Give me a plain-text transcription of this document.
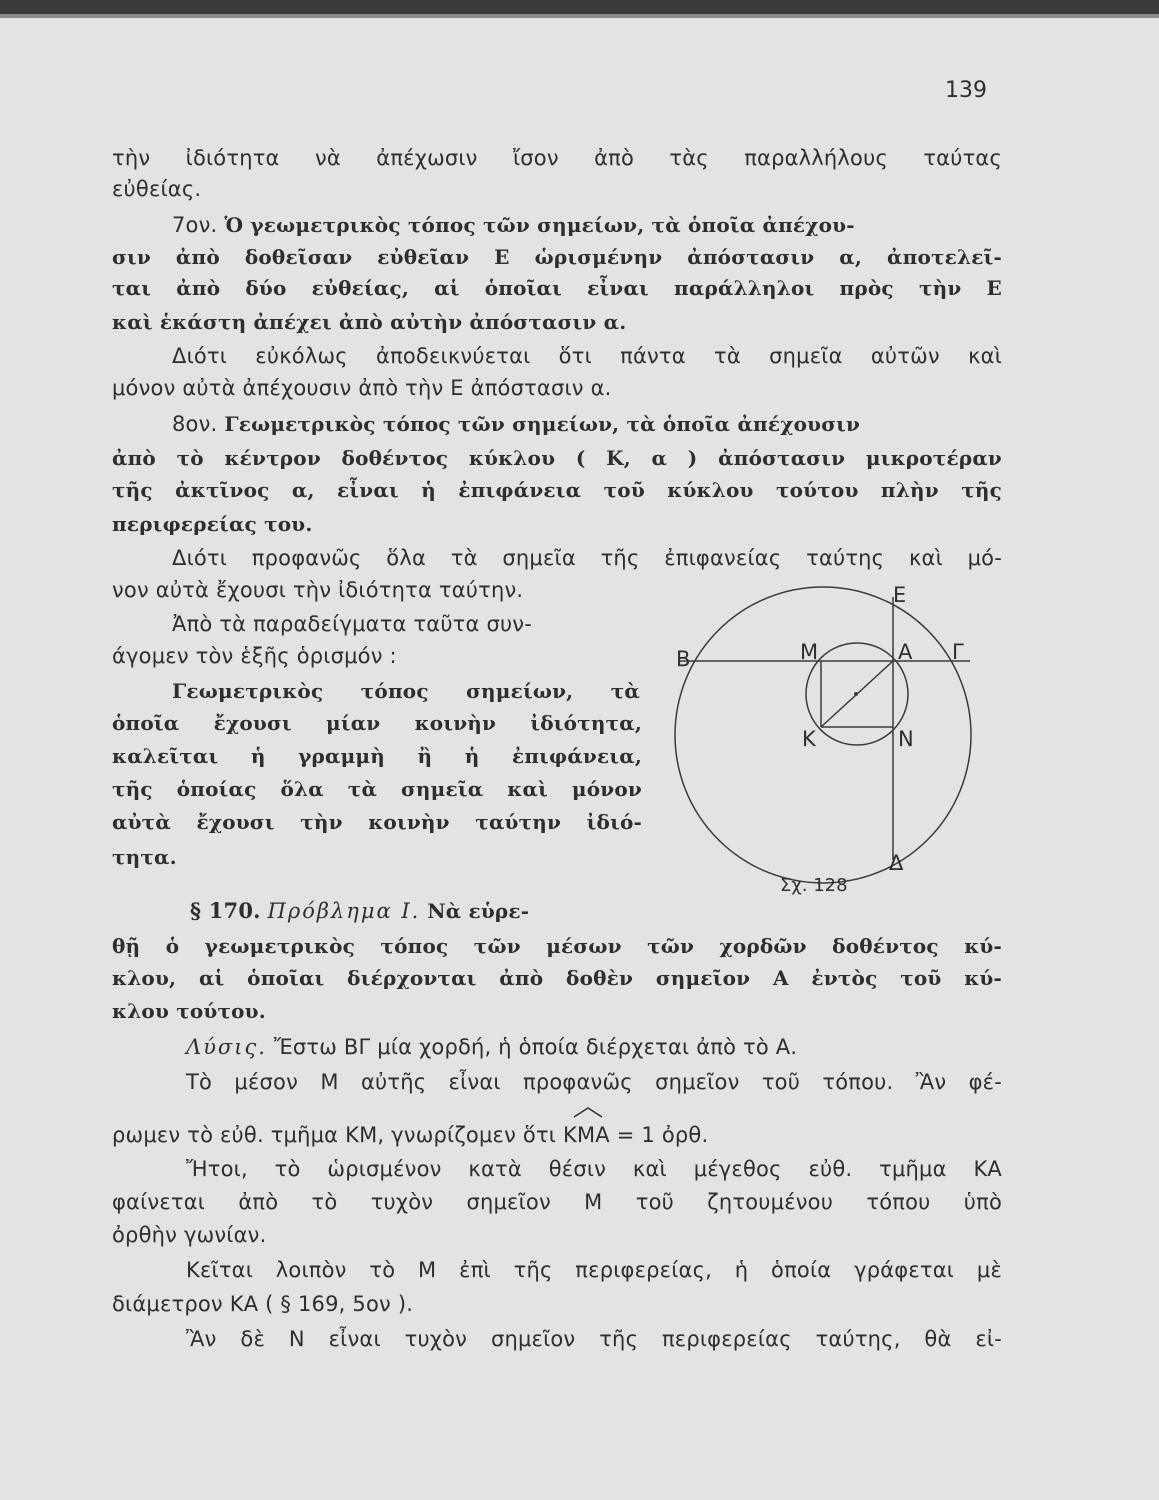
139
τὴν ἰδιότητα νὰ ἀπέχωσιν ἴσον ἀπὸ τὰς παραλλήλους ταύτας
εὐθείας.
7ον. Ὁ γεωμετρικὸς τόπος τῶν σημείων, τὰ ὁποῖα ἀπέχου-
σιν ἀπὸ δοθεῖσαν εὐθεῖαν Ε ὡρισμένην ἀπόστασιν α, ἀποτελεῖ-
ται ἀπὸ δύο εὐθείας, αἱ ὁποῖαι εἶναι παράλληλοι πρὸς τὴν Ε
καὶ ἑκάστη ἀπέχει ἀπὸ αὐτὴν ἀπόστασιν α.
Διότι εὐκόλως ἀποδεικνύεται ὅτι πάντα τὰ σημεῖα αὐτῶν καὶ
μόνον αὐτὰ ἀπέχουσιν ἀπὸ τὴν Ε ἀπόστασιν α.
8ον. Γεωμετρικὸς τόπος τῶν σημείων, τὰ ὁποῖα ἀπέχουσιν
ἀπὸ τὸ κέντρον δοθέντος κύκλου ( Κ, α ) ἀπόστασιν μικροτέραν
τῆς ἀκτῖνος α, εἶναι ἡ ἐπιφάνεια τοῦ κύκλου τούτου πλὴν τῆς
περιφερείας του.
Διότι προφανῶς ὅλα τὰ σημεῖα τῆς ἐπιφανείας ταύτης καὶ μό-
νον αὐτὰ ἔχουσι τὴν ἰδιότητα ταύτην.
Ἀπὸ τὰ παραδείγματα ταῦτα συν-
άγομεν τὸν ἑξῆς ὁρισμόν :
Γεωμετρικὸς τόπος σημείων, τὰ
ὁποῖα ἔχουσι μίαν κοινὴν ἰδιότητα,
καλεῖται ἡ γραμμὴ ἢ ἡ ἐπιφάνεια,
τῆς ὁποίας ὅλα τὰ σημεῖα καὶ μόνον
αὐτὰ ἔχουσι τὴν κοινὴν ταύτην ἰδιό-
τητα.
§ 170. Πρόβλημα Ι. Νὰ εὑρε-
θῇ ὁ γεωμετρικὸς τόπος τῶν μέσων τῶν χορδῶν δοθέντος κύ-
κλου, αἱ ὁποῖαι διέρχονται ἀπὸ δοθὲν σημεῖον Α ἐντὸς τοῦ κύ-
κλου τούτου.
Λύσις. Ἔστω ΒΓ μία χορδή, ἡ ὁποία διέρχεται ἀπὸ τὸ Α.
Τὸ μέσον Μ αὐτῆς εἶναι προφανῶς σημεῖον τοῦ τόπου. Ἂν φέ-
ρωμεν τὸ εὐθ. τμῆμα ΚΜ, γνωρίζομεν ὅτι ΚΜΑ = 1 ὀρθ.
Ἤτοι, τὸ ὡρισμένον κατὰ θέσιν καὶ μέγεθος εὐθ. τμῆμα ΚΑ
φαίνεται ἀπὸ τὸ τυχὸν σημεῖον Μ τοῦ ζητουμένου τόπου ὑπὸ
ὀρθὴν γωνίαν.
Κεῖται λοιπὸν τὸ Μ ἐπὶ τῆς περιφερείας, ἡ ὁποία γράφεται μὲ
διάμετρον ΚΑ ( § 169, 5ον ).
Ἂν δὲ Ν εἶναι τυχὸν σημεῖον τῆς περιφερείας ταύτης, θὰ εἰ-
Ε
Β	Μ	Α Γ
Κ	Ν
Δ
Σχ. 128
